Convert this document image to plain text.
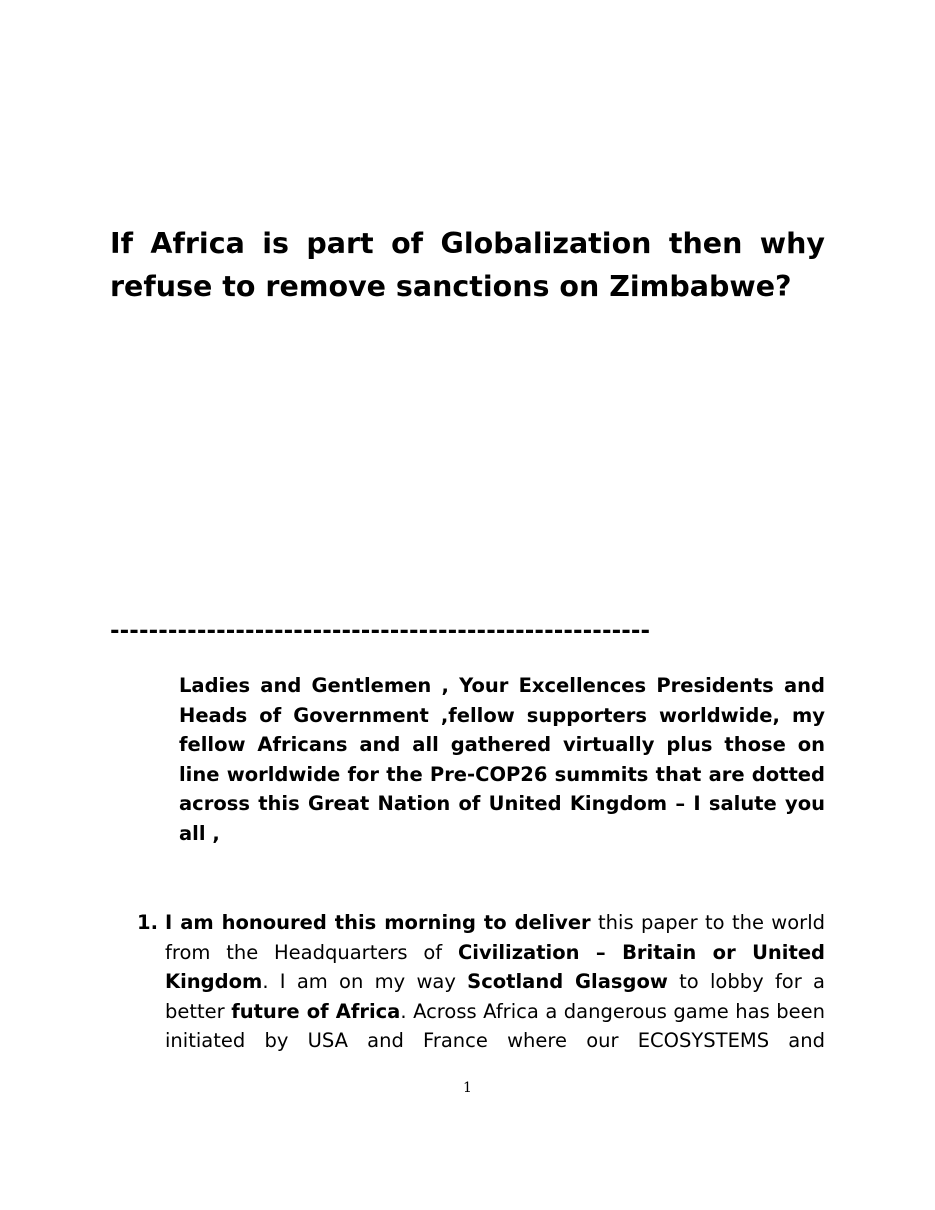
If Africa is part of Globalization then why refuse to remove sanctions on Zimbabwe?
--------------------------------------------------------

Ladies and Gentlemen , Your Excellences Presidents and Heads of Government ,fellow supporters worldwide, my fellow Africans and all gathered virtually plus those on line worldwide for the Pre-COP26 summits that are dotted across this Great Nation of United Kingdom – I salute you all ,

1. I am honoured this morning to deliver this paper to the world from the Headquarters of Civilization – Britain or United Kingdom. I am on my way Scotland Glasgow to lobby for a better future of Africa. Across Africa a dangerous game has been initiated by USA and France where our ECOSYSTEMS and
1
